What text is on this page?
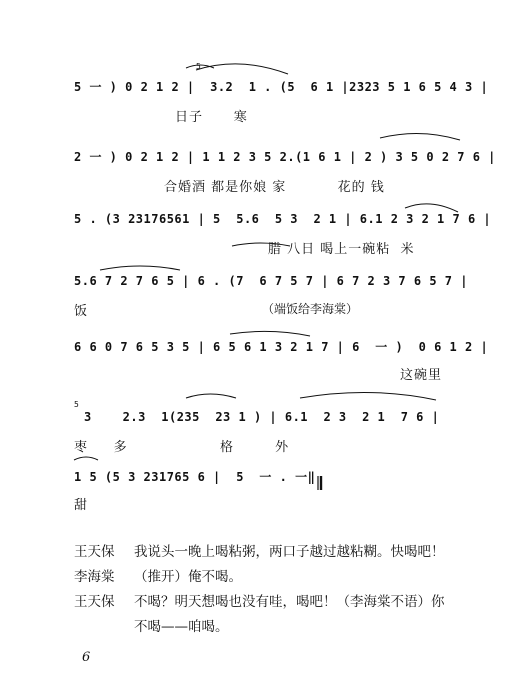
5
5 一 ) 0 2 1 2 |  3.2  1 . (5  6 1 |2323 5 1 6 5 4 3 |
日子      寒
2 一 ) 0 2 1 2 | 1 1 2 3 5 2.(1 6 1 | 2 ) 3 5 0 2 7 6 |
合婚酒 都是你娘 家          花的 钱
5 . (3 23176561 | 5  5.6  5 3  2 1 | 6.1 2 3 2 1 7 6 |
腊 八日 喝上一碗粘  米
5.6 7 2 7 6 5 | 6 . (7  6 7 5 7 | 6 7 2 3 7 6 5 7 |
饭	（端饭给李海棠）
6 6 0 7 6 5 3 5 | 6 5 6 1 3 2 1 7 | 6  一 )  0 6 1 2 |
这碗里
5
3    2.3  1(235  23 1 ) | 6.1  2 3  2 1  7 6 |
枣     多                  格        外
1 5 (5 3 231765 6 |  5  一 . 一‖
甜
王天保 我说头一晚上喝粘粥，两口子越过越粘糊。快喝吧！
李海棠 （推开）俺不喝。
王天保 不喝？明天想喝也没有哇，喝吧！（李海棠不语）你
不喝——咱喝。
6
